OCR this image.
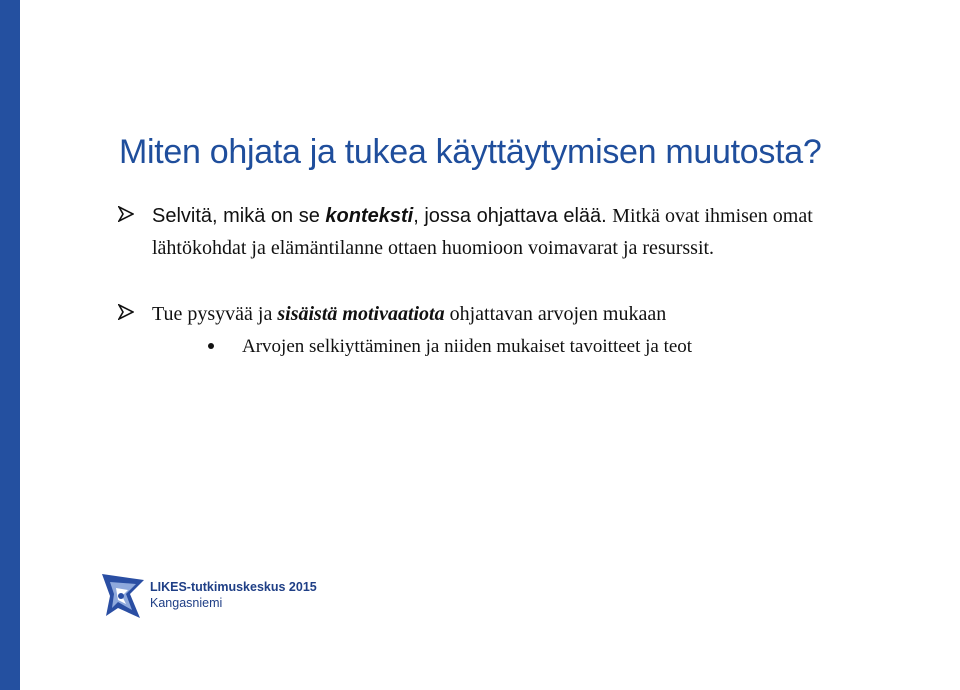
Miten ohjata ja tukea käyttäytymisen muutosta?
Selvitä, mikä on se konteksti, jossa ohjattava elää. Mitkä ovat ihmisen omat
lähtökohdat ja elämäntilanne ottaen huomioon voimavarat ja resurssit.
Tue pysyvää ja sisäistä motivaatiota ohjattavan arvojen mukaan
Arvojen selkiyttäminen ja niiden mukaiset tavoitteet ja teot
LIKES-tutkimuskeskus 2015
Kangasniemi
